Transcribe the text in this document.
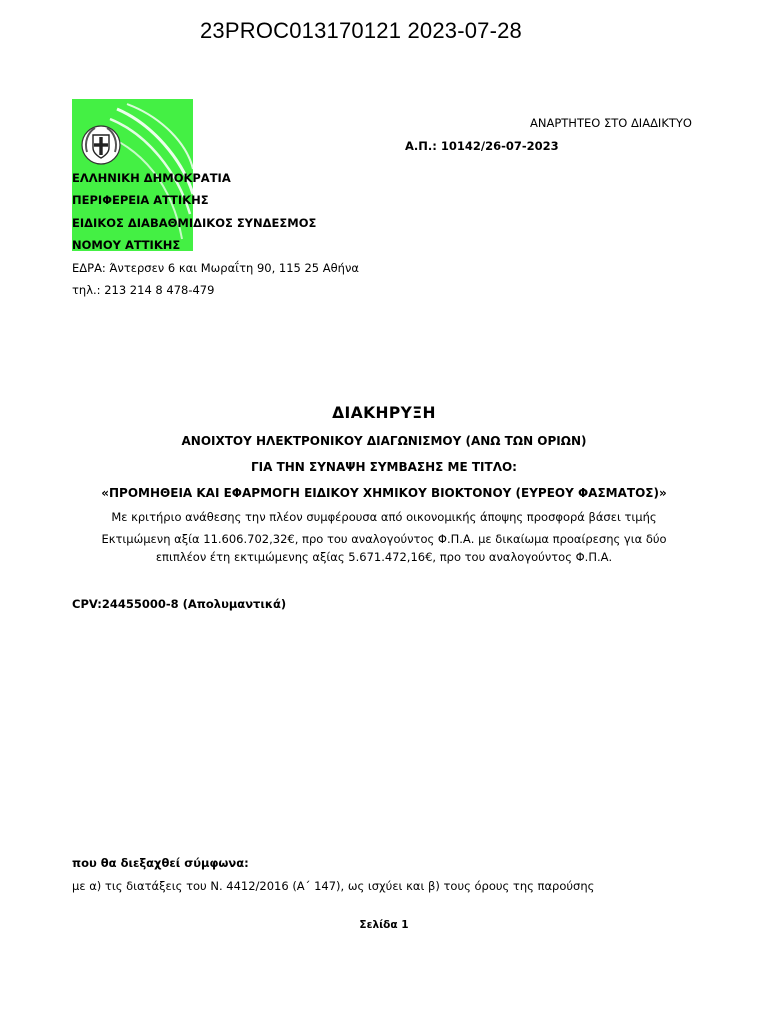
23PROC013170121 2023-07-28
ΕΛΛΗΝΙΚΗ ΔΗΜΟΚΡΑΤΙΑ
ΠΕΡΙΦΕΡΕΙΑ ΑΤΤΙΚΗΣ
ΕΙΔΙΚΟΣ ΔΙΑΒΑΘΜΙΔΙΚΟΣ ΣΥΝΔΕΣΜΟΣ
ΝΟΜΟΥ ΑΤΤΙΚΗΣ
ΕΔΡΑ: Άντερσεν 6 και Μωραΐτη 90, 115 25 Αθήνα
τηλ.: 213 214 8 478-479
ΑΝΑΡΤΗΤΕΟ ΣΤΟ ΔΙΑΔΙΚΤΥΟ
Α.Π.: 10142/26-07-2023
ΔΙΑΚΗΡΥΞΗ
ΑΝΟΙΧΤΟΥ ΗΛΕΚΤΡΟΝΙΚΟΥ ΔΙΑΓΩΝΙΣΜΟΥ (ΑΝΩ ΤΩΝ ΟΡΙΩΝ)
ΓΙΑ ΤΗΝ ΣΥΝΑΨΗ ΣΥΜΒΑΣΗΣ ΜΕ ΤΙΤΛΟ:
«ΠΡΟΜΗΘΕΙΑ ΚΑΙ ΕΦΑΡΜΟΓΗ ΕΙΔΙΚΟΥ ΧΗΜΙΚΟΥ ΒΙΟΚΤΟΝΟΥ (ΕΥΡΕΟΥ ΦΑΣΜΑΤΟΣ)»
Με κριτήριο ανάθεσης την πλέον συμφέρουσα από οικονομικής άποψης προσφορά βάσει τιμής
Εκτιμώμενη αξία 11.606.702,32€, προ του αναλογούντος Φ.Π.Α. με δικαίωμα προαίρεσης για δύο
επιπλέον έτη εκτιμώμενης αξίας 5.671.472,16€, προ του αναλογούντος Φ.Π.Α.
CPV:24455000-8 (Απολυμαντικά)
που θα διεξαχθεί σύμφωνα:
με α) τις διατάξεις του Ν. 4412/2016 (Α΄ 147), ως ισχύει και β) τους όρους της παρούσης
Σελίδα 1
